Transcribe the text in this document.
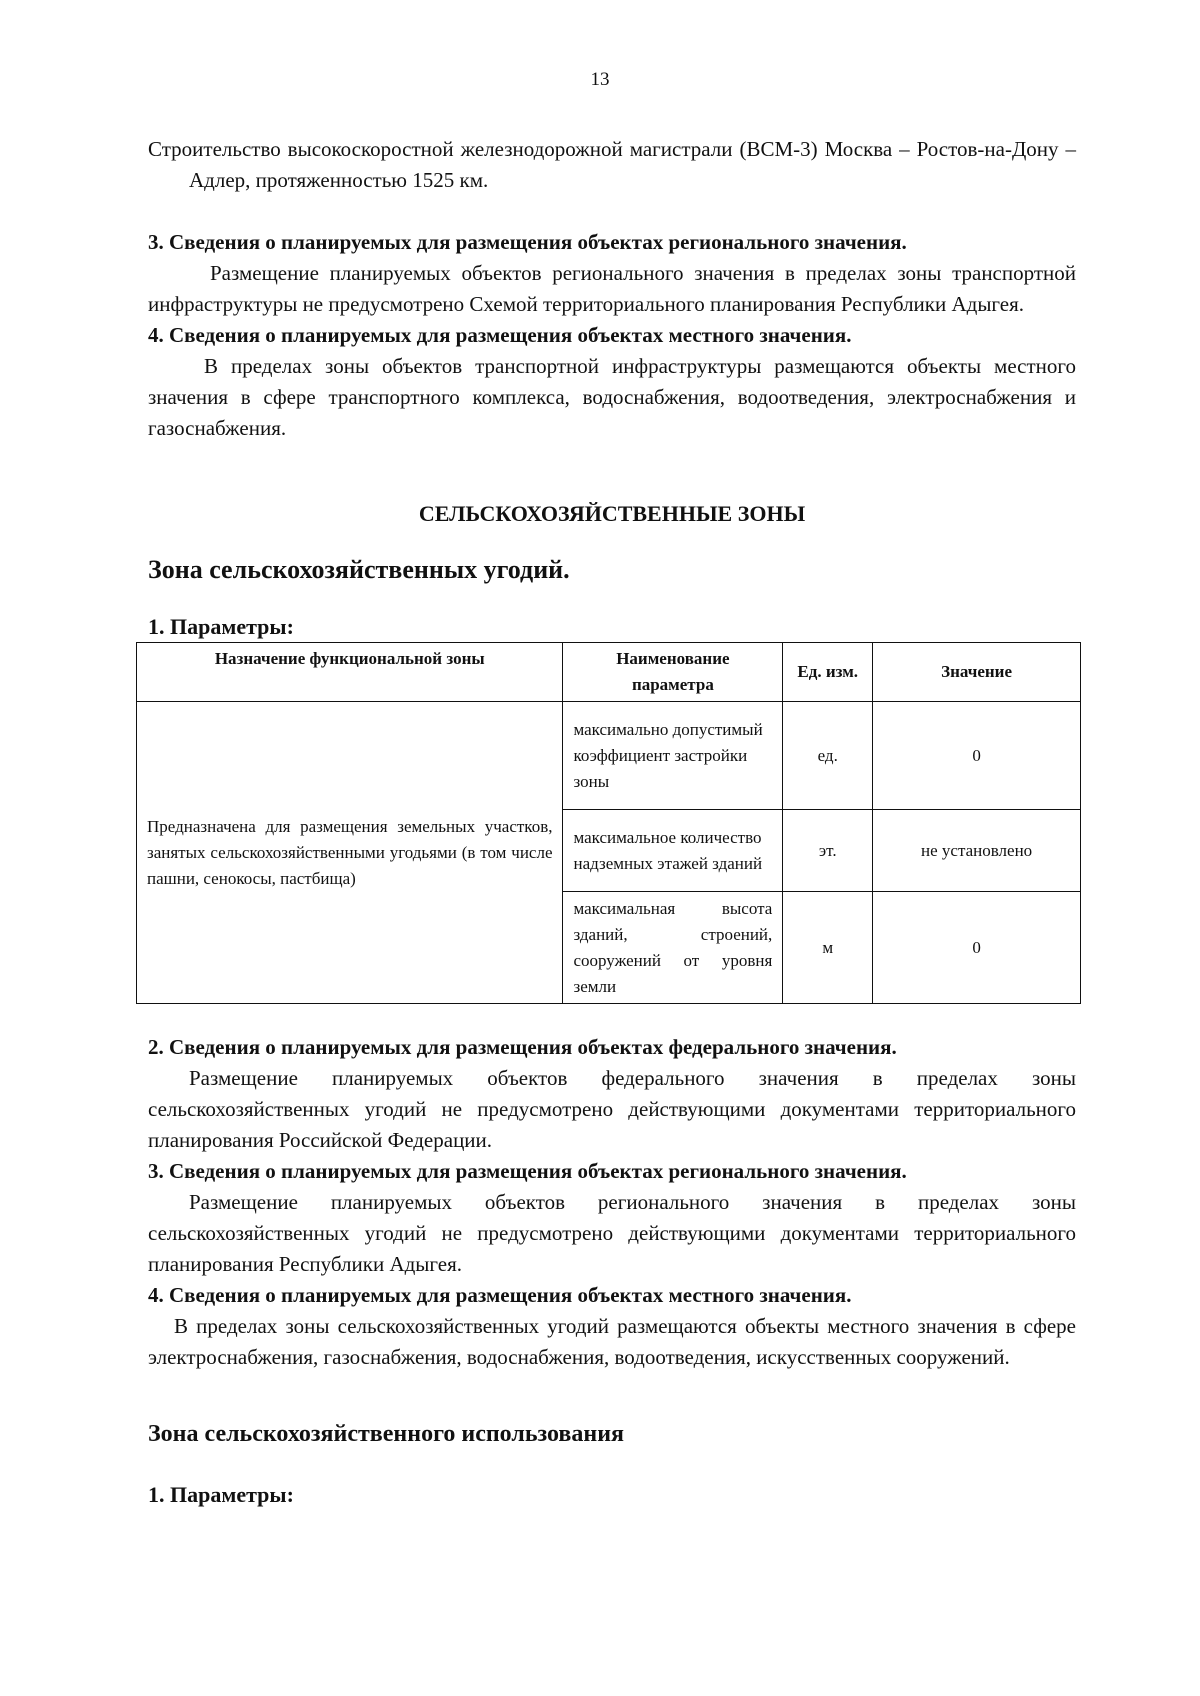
13

Строительство высокоскоростной железнодорожной магистрали (ВСМ-3) Москва – Ростов-на-Дону – Адлер, протяженностью 1525 км.

3. Сведения о планируемых для размещения объектах регионального значения.

Размещение планируемых объектов регионального значения в пределах зоны транспортной инфраструктуры не предусмотрено Схемой территориального планирования Республики Адыгея.

4. Сведения о планируемых для размещения объектах местного значения.

В пределах зоны объектов транспортной инфраструктуры размещаются объекты местного значения в сфере транспортного комплекса, водоснабжения, водоотведения, электроснабжения и газоснабжения.

СЕЛЬСКОХОЗЯЙСТВЕННЫЕ ЗОНЫ

Зона сельскохозяйственных угодий.

1. Параметры:

Назначение функциональной зоны	Наименование параметра	Ед. изм.	Значение
Предназначена для размещения земельных участков, занятых сельскохозяйственными угодьями (в том числе пашни, сенокосы, пастбища)	максимально допустимый коэффициент застройки зоны	ед.	0
	максимальное количество надземных этажей зданий	эт.	не установлено
	максимальная высота зданий, строений, сооружений от уровня земли	м	0

2. Сведения о планируемых для размещения объектах федерального значения.

Размещение планируемых объектов федерального значения в пределах зоны сельскохозяйственных угодий не предусмотрено действующими документами территориального планирования Российской Федерации.

3. Сведения о планируемых для размещения объектах регионального значения.

Размещение планируемых объектов регионального значения в пределах зоны сельскохозяйственных угодий не предусмотрено действующими документами территориального планирования Республики Адыгея.

4. Сведения о планируемых для размещения объектах местного значения.

В пределах зоны сельскохозяйственных угодий размещаются объекты местного значения в сфере электроснабжения, газоснабжения, водоснабжения, водоотведения, искусственных сооружений.

Зона сельскохозяйственного использования

1. Параметры:
